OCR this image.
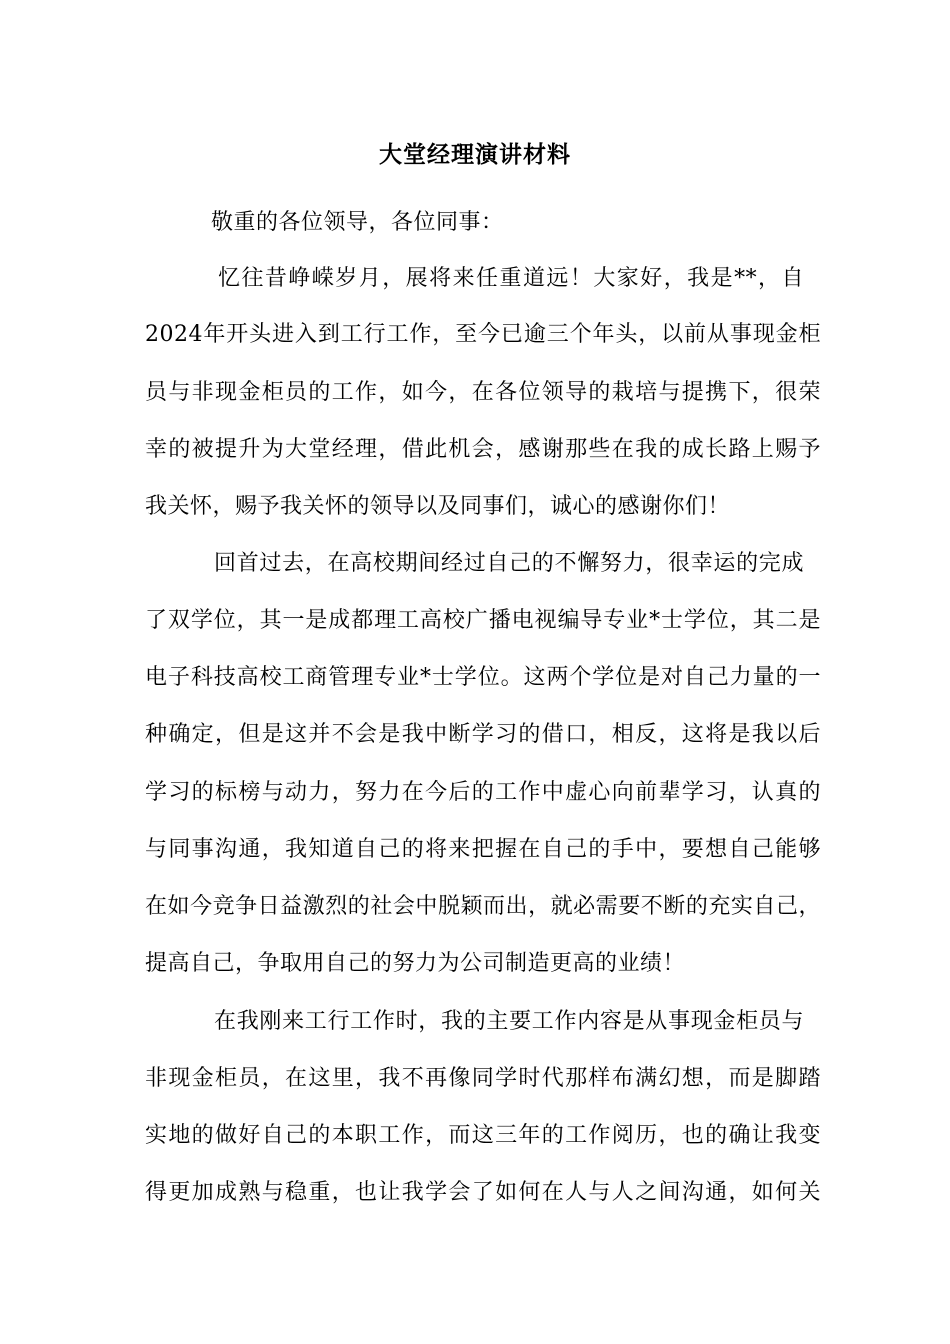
大堂经理演讲材料
敬重的各位领导，各位同事：
忆往昔峥嵘岁月，展将来任重道远！大家好，我是**，自
2024年开头进入到工行工作，至今已逾三个年头，以前从事现金柜
员与非现金柜员的工作，如今，在各位领导的栽培与提携下，很荣
幸的被提升为大堂经理，借此机会，感谢那些在我的成长路上赐予
我关怀，赐予我关怀的领导以及同事们，诚心的感谢你们！
回首过去，在高校期间经过自己的不懈努力，很幸运的完成
了双学位，其一是成都理工高校广播电视编导专业*士学位，其二是
电子科技高校工商管理专业*士学位。这两个学位是对自己力量的一
种确定，但是这并不会是我中断学习的借口，相反，这将是我以后
学习的标榜与动力，努力在今后的工作中虚心向前辈学习，认真的
与同事沟通，我知道自己的将来把握在自己的手中，要想自己能够
在如今竞争日益激烈的社会中脱颖而出，就必需要不断的充实自己，
提高自己，争取用自己的努力为公司制造更高的业绩！
在我刚来工行工作时，我的主要工作内容是从事现金柜员与
非现金柜员，在这里，我不再像同学时代那样布满幻想，而是脚踏
实地的做好自己的本职工作，而这三年的工作阅历，也的确让我变
得更加成熟与稳重，也让我学会了如何在人与人之间沟通，如何关
